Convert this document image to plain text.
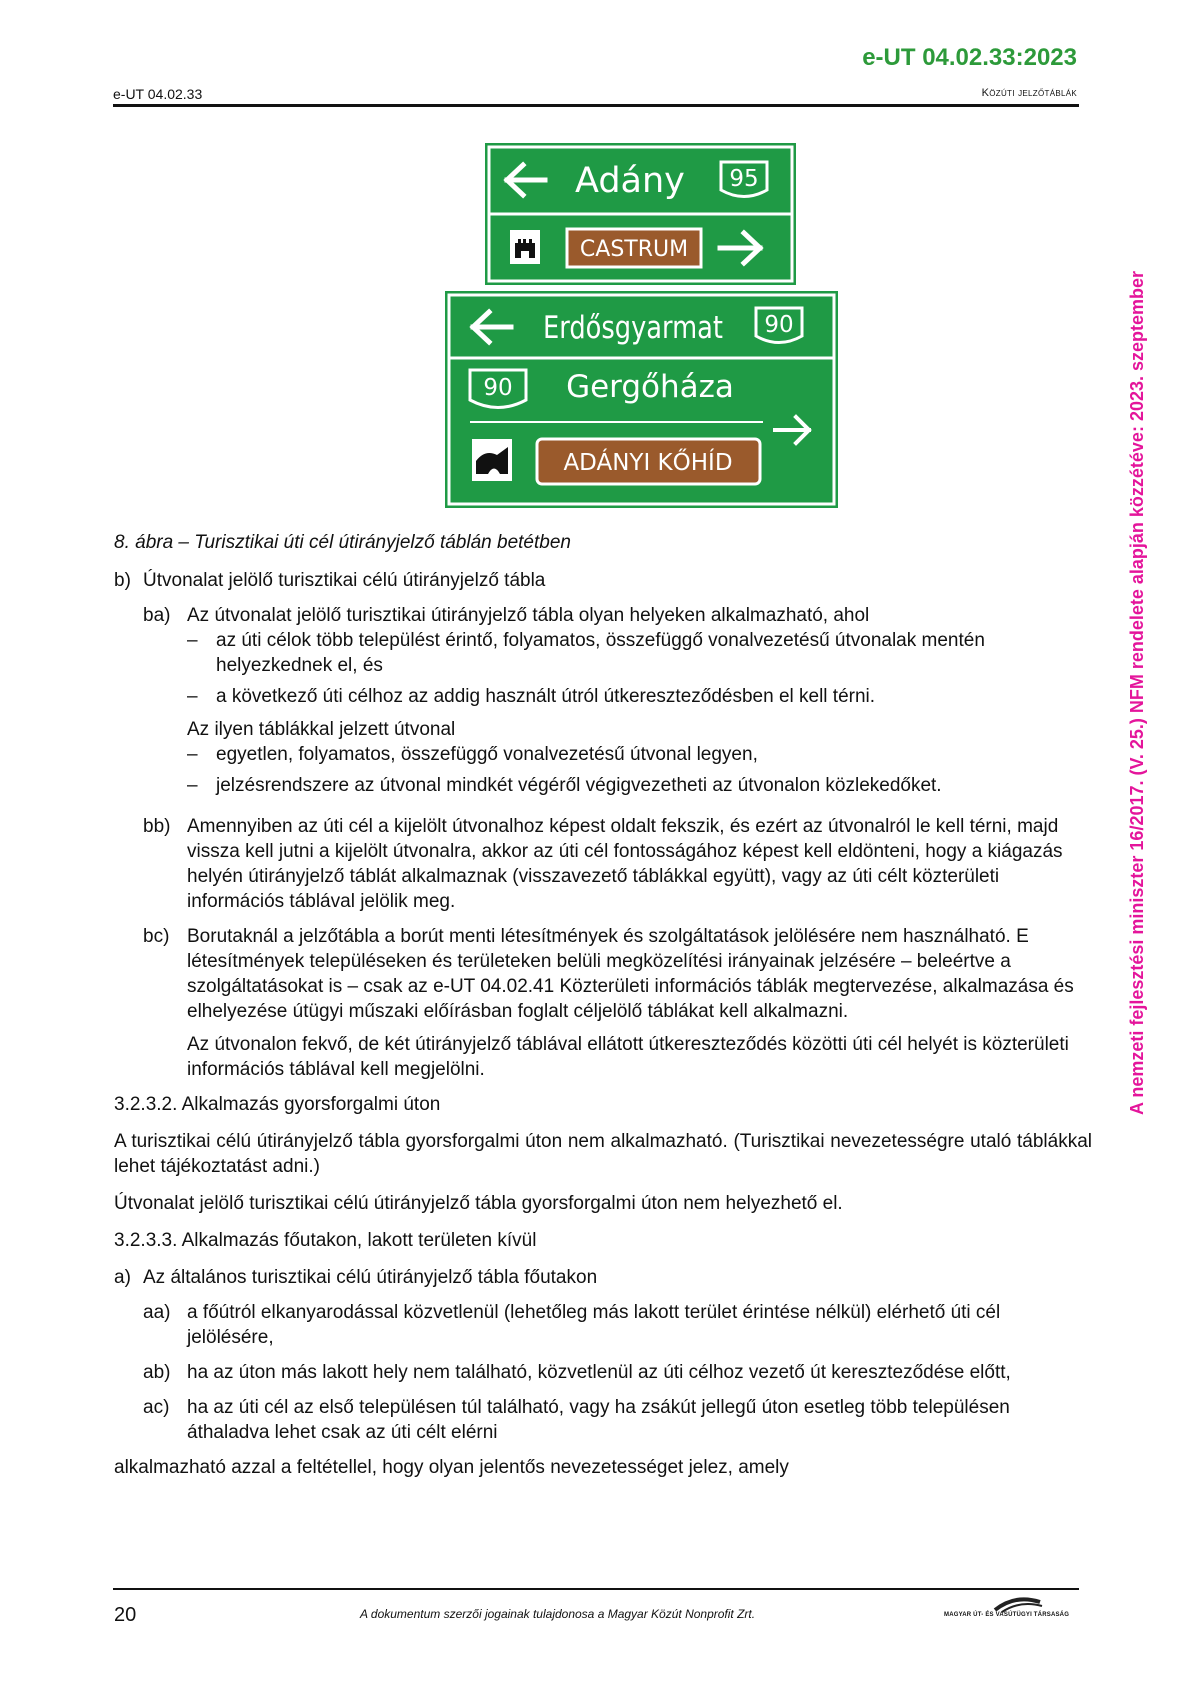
e-UT 04.02.33:2023
e-UT 04.02.33	Közúti jelzőtáblák
A nemzeti fejlesztési miniszter 16/2017. (V. 25.) NFM rendelete alapján közzétéve: 2023. szeptember
Adány 95
CASTRUM
Erdősgyarmat 90
90 Gergőháza
ADÁNYI KŐHÍD

8. ábra – Turisztikai úti cél útirányjelző táblán betétben

b) Útvonalat jelölő turisztikai célú útirányjelző tábla
ba) Az útvonalat jelölő turisztikai útirányjelző tábla olyan helyeken alkalmazható, ahol

– az úti célok több települést érintő, folyamatos, összefüggő vonalvezetésű útvonalak mentén helyezkednek el, és
– a következő úti célhoz az addig használt útról útkereszteződésben el kell térni.

Az ilyen táblákkal jelzett útvonal

– egyetlen, folyamatos, összefüggő vonalvezetésű útvonal legyen,
– jelzésrendszere az útvonal mindkét végéről végigvezetheti az útvonalon közlekedőket.
bb) Amennyiben az úti cél a kijelölt útvonalhoz képest oldalt fekszik, és ezért az útvonalról le kell térni, majd vissza kell jutni a kijelölt útvonalra, akkor az úti cél fontosságához képest kell eldönteni, hogy a kiágazás helyén útirányjelző táblát alkalmaznak (visszavezető táblákkal együtt), vagy az úti célt közterületi információs táblával jelölik meg.
bc) Borutaknál a jelzőtábla a borút menti létesítmények és szolgáltatások jelölésére nem használható. E létesítmények településeken és területeken belüli megközelítési irányainak jelzésére – beleértve a szolgáltatásokat is – csak az e-UT 04.02.41 Közterületi információs táblák megtervezése, alkalmazása és elhelyezése útügyi műszaki előírásban foglalt céljelölő táblákat kell alkalmazni.

Az útvonalon fekvő, de két útirányjelző táblával ellátott útkereszteződés közötti úti cél helyét is közterületi információs táblával kell megjelölni.

3.2.3.2. Alkalmazás gyorsforgalmi úton

A turisztikai célú útirányjelző tábla gyorsforgalmi úton nem alkalmazható. (Turisztikai nevezetességre utaló táblákkal lehet tájékoztatást adni.)

Útvonalat jelölő turisztikai célú útirányjelző tábla gyorsforgalmi úton nem helyezhető el.

3.2.3.3. Alkalmazás főutakon, lakott területen kívül

a) Az általános turisztikai célú útirányjelző tábla főutakon
aa) a főútról elkanyarodással közvetlenül (lehetőleg más lakott terület érintése nélkül) elérhető úti cél jelölésére,
ab) ha az úton más lakott hely nem található, közvetlenül az úti célhoz vezető út kereszteződése előtt,
ac) ha az úti cél az első településen túl található, vagy ha zsákút jellegű úton esetleg több településen áthaladva lehet csak az úti célt elérni

alkalmazható azzal a feltétellel, hogy olyan jelentős nevezetességet jelez, amely

20	A dokumentum szerzői jogainak tulajdonosa a Magyar Közút Nonprofit Zrt.	MAGYAR ÚT- ÉS VASÚTÜGYI TÁRSASÁG
